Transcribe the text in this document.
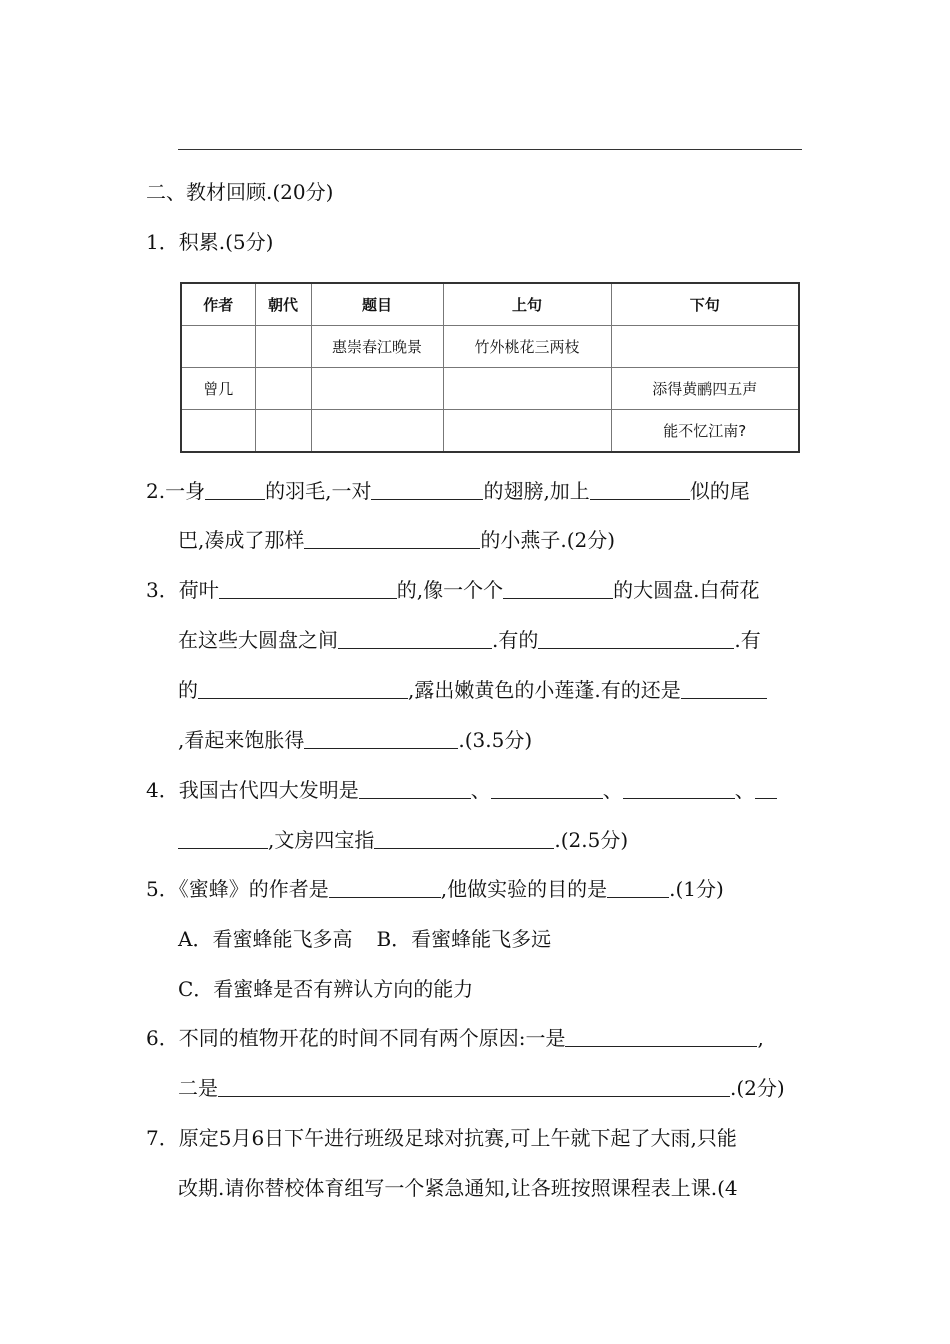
二、教材回顾.(20分)
1．积累.(5分)
作者	朝代	题目	上句	下句
		惠崇春江晚景	竹外桃花三两枝	
曾几				添得黄鹂四五声
				能不忆江南?
2.一身	的羽毛,一对	的翅膀,加上	似的尾
巴,凑成了那样	的小燕子.(2分)
3．荷叶	的,像一个个	的大圆盘.白荷花
在这些大圆盘之间	.有的	.有
的	,露出嫩黄色的小莲蓬.有的还是
,看起来饱胀得	.(3.5分)
4．我国古代四大发明是	、	、	、
,文房四宝指	.(2.5分)
5．《蜜蜂》的作者是	,他做实验的目的是	.(1分)
A．看蜜蜂能飞多高 B．看蜜蜂能飞多远
C．看蜜蜂是否有辨认方向的能力
6．不同的植物开花的时间不同有两个原因:一是	,
二是	.(2分)
7．原定5月6日下午进行班级足球对抗赛,可上午就下起了大雨,只能
改期.请你替校体育组写一个紧急通知,让各班按照课程表上课.(4
